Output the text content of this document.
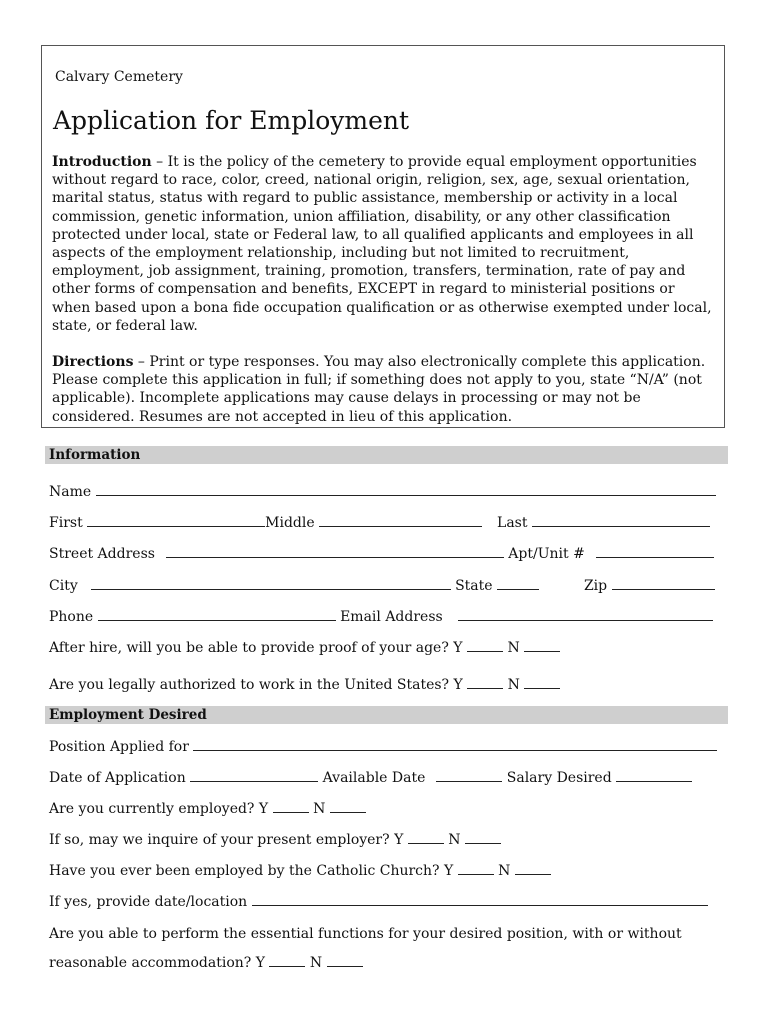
Calvary Cemetery
Application for Employment

Introduction – It is the policy of the cemetery to provide equal employment opportunities without regard to race, color, creed, national origin, religion, sex, age, sexual orientation, marital status, status with regard to public assistance, membership or activity in a local commission, genetic information, union affiliation, disability, or any other classification protected under local, state or Federal law, to all qualified applicants and employees in all aspects of the employment relationship, including but not limited to recruitment, employment, job assignment, training, promotion, transfers, termination, rate of pay and other forms of compensation and benefits, EXCEPT in regard to ministerial positions or when based upon a bona fide occupation qualification or as otherwise exempted under local, state, or federal law.

Directions – Print or type responses. You may also electronically complete this application. Please complete this application in full; if something does not apply to you, state “N/A” (not applicable). Incomplete applications may cause delays in processing or may not be considered. Resumes are not accepted in lieu of this application.

Information
Name
First	Middle	Last
Street Address	Apt/Unit #
City	State	Zip
Phone	Email Address
After hire, will you be able to provide proof of your age? Y	N
Are you legally authorized to work in the United States? Y	N
Employment Desired
Position Applied for
Date of Application	Available Date	Salary Desired
Are you currently employed? Y	N
If so, may we inquire of your present employer? Y	N
Have you ever been employed by the Catholic Church? Y	N
If yes, provide date/location
Are you able to perform the essential functions for your desired position, with or without
reasonable accommodation? Y	N
